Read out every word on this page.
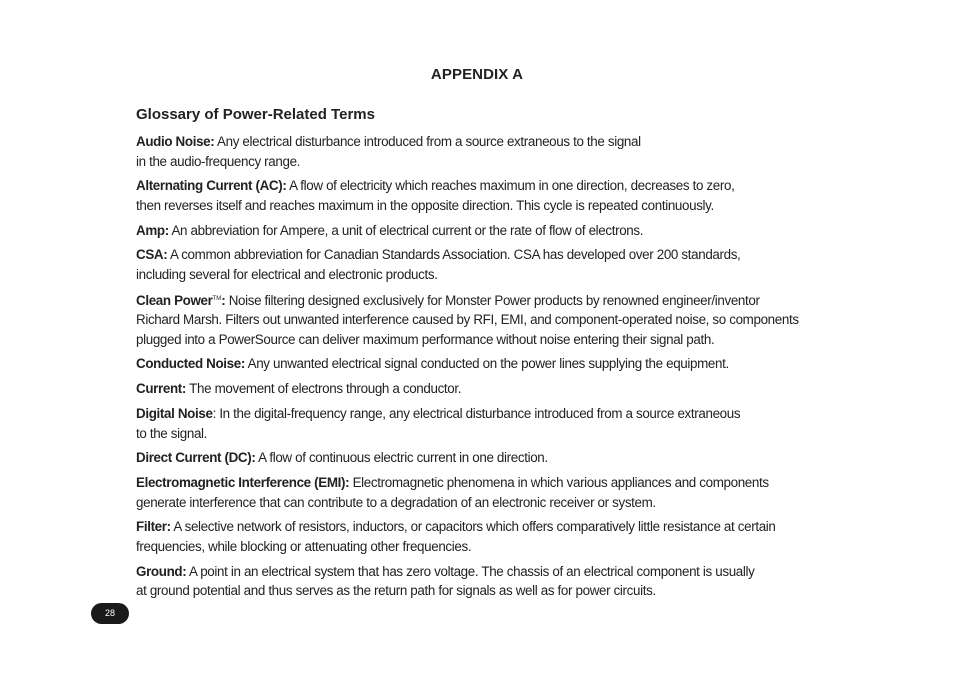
APPENDIX A
Glossary of Power-Related Terms
Audio Noise: Any electrical disturbance introduced from a source extraneous to the signal
in the audio-frequency range.
Alternating Current (AC): A flow of electricity which reaches maximum in one direction, decreases to zero,
then reverses itself and reaches maximum in the opposite direction. This cycle is repeated continuously.
Amp: An abbreviation for Ampere, a unit of electrical current or the rate of flow of electrons.
CSA: A common abbreviation for Canadian Standards Association. CSA has developed over 200 standards,
including several for electrical and electronic products.
Clean Power™: Noise filtering designed exclusively for Monster Power products by renowned engineer/inventor
Richard Marsh. Filters out unwanted interference caused by RFI, EMI, and component-operated noise, so components
plugged into a PowerSource can deliver maximum performance without noise entering their signal path.
Conducted Noise: Any unwanted electrical signal conducted on the power lines supplying the equipment.
Current: The movement of electrons through a conductor.
Digital Noise: In the digital-frequency range, any electrical disturbance introduced from a source extraneous
to the signal.
Direct Current (DC): A flow of continuous electric current in one direction.
Electromagnetic Interference (EMI): Electromagnetic phenomena in which various appliances and components
generate interference that can contribute to a degradation of an electronic receiver or system.
Filter: A selective network of resistors, inductors, or capacitors which offers comparatively little resistance at certain
frequencies, while blocking or attenuating other frequencies.
Ground: A point in an electrical system that has zero voltage. The chassis of an electrical component is usually
at ground potential and thus serves as the return path for signals as well as for power circuits.
28
